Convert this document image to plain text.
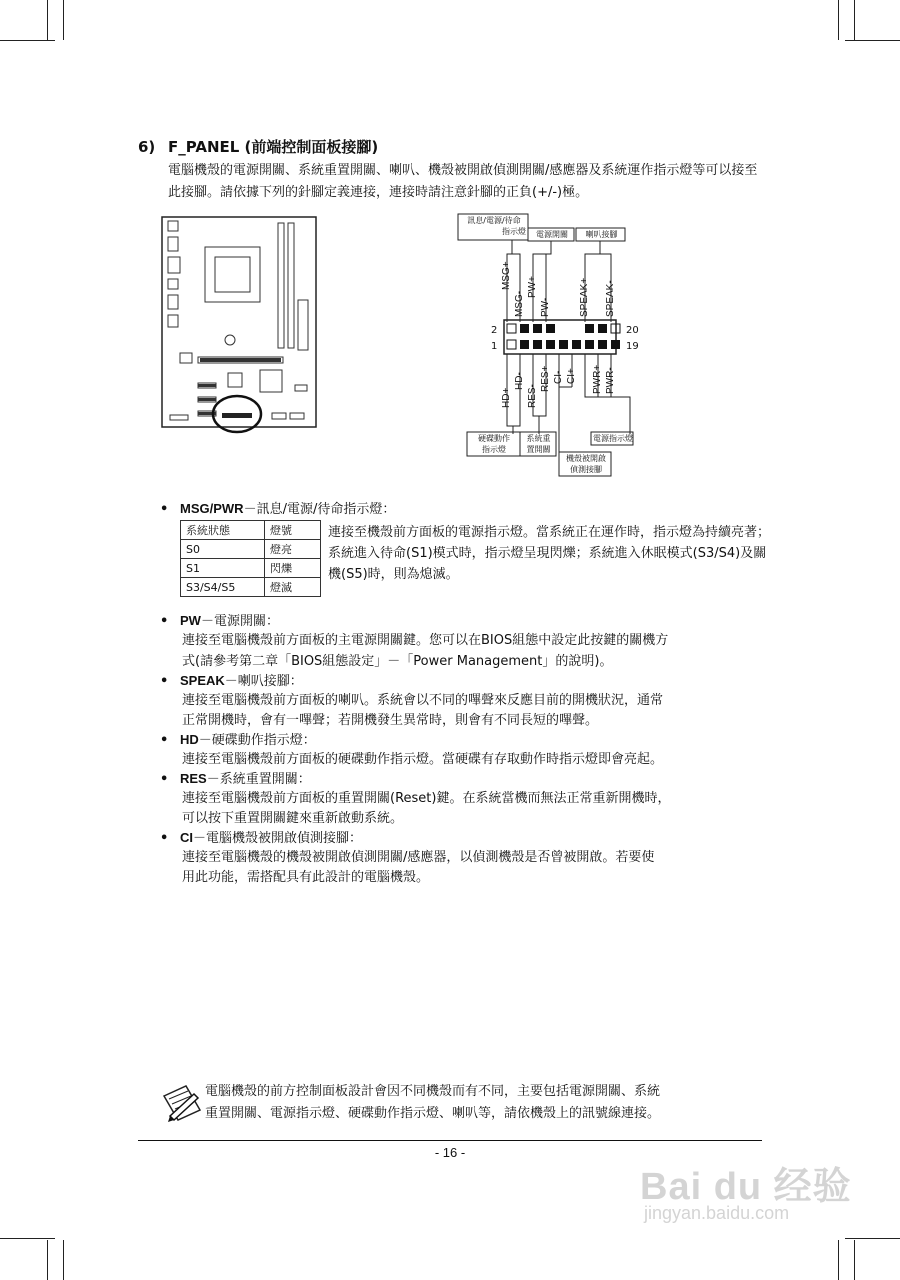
6) F_PANEL (前端控制面板接腳)
電腦機殼的電源開關、系統重置開關、喇叭、機殼被開啟偵測開關/感應器及系統運作指示燈等可以接至此接腳。請依據下列的針腳定義連接，連接時請注意針腳的正負(+/-)極。
訊息/電源/待命
指示燈	電源開關	喇叭接腳
MSG+
MSG-
PW+
PW-	SPEAK+ SPEAK-
2
1
20
19
HD+
HD-
RES-
RES+ CI- CI+ PWR+ PWR-
硬碟動作
指示燈
系統重
置開關
機殼被開啟
偵測接腳
電源指示燈
• MSG/PWR－訊息/電源/待命指示燈：
系統狀態	燈號
S0	燈亮
S1	閃爍
S3/S4/S5	燈滅
連接至機殼前方面板的電源指示燈。當系統正在運作時，指示燈為持續亮著；系統進入待命(S1)模式時，指示燈呈現閃爍；系統進入休眠模式(S3/S4)及關機(S5)時，則為熄滅。
• PW－電源開關：
連接至電腦機殼前方面板的主電源開關鍵。您可以在BIOS組態中設定此按鍵的關機方
式(請參考第二章「BIOS組態設定」－「Power Management」的說明)。
• SPEAK－喇叭接腳：
連接至電腦機殼前方面板的喇叭。系統會以不同的嗶聲來反應目前的開機狀況，通常
正常開機時，會有一嗶聲；若開機發生異常時，則會有不同長短的嗶聲。
• HD－硬碟動作指示燈：
連接至電腦機殼前方面板的硬碟動作指示燈。當硬碟有存取動作時指示燈即會亮起。
• RES－系統重置開關：
連接至電腦機殼前方面板的重置開關(Reset)鍵。在系統當機而無法正常重新開機時，
可以按下重置開關鍵來重新啟動系統。
• CI－電腦機殼被開啟偵測接腳：
連接至電腦機殼的機殼被開啟偵測開關/感應器，以偵測機殼是否曾被開啟。若要使
用此功能，需搭配具有此設計的電腦機殼。
電腦機殼的前方控制面板設計會因不同機殼而有不同，主要包括電源開關、系統
重置開關、電源指示燈、硬碟動作指示燈、喇叭等，請依機殼上的訊號線連接。
- 16 -
Bai du 经验
jingyan.baidu.com
